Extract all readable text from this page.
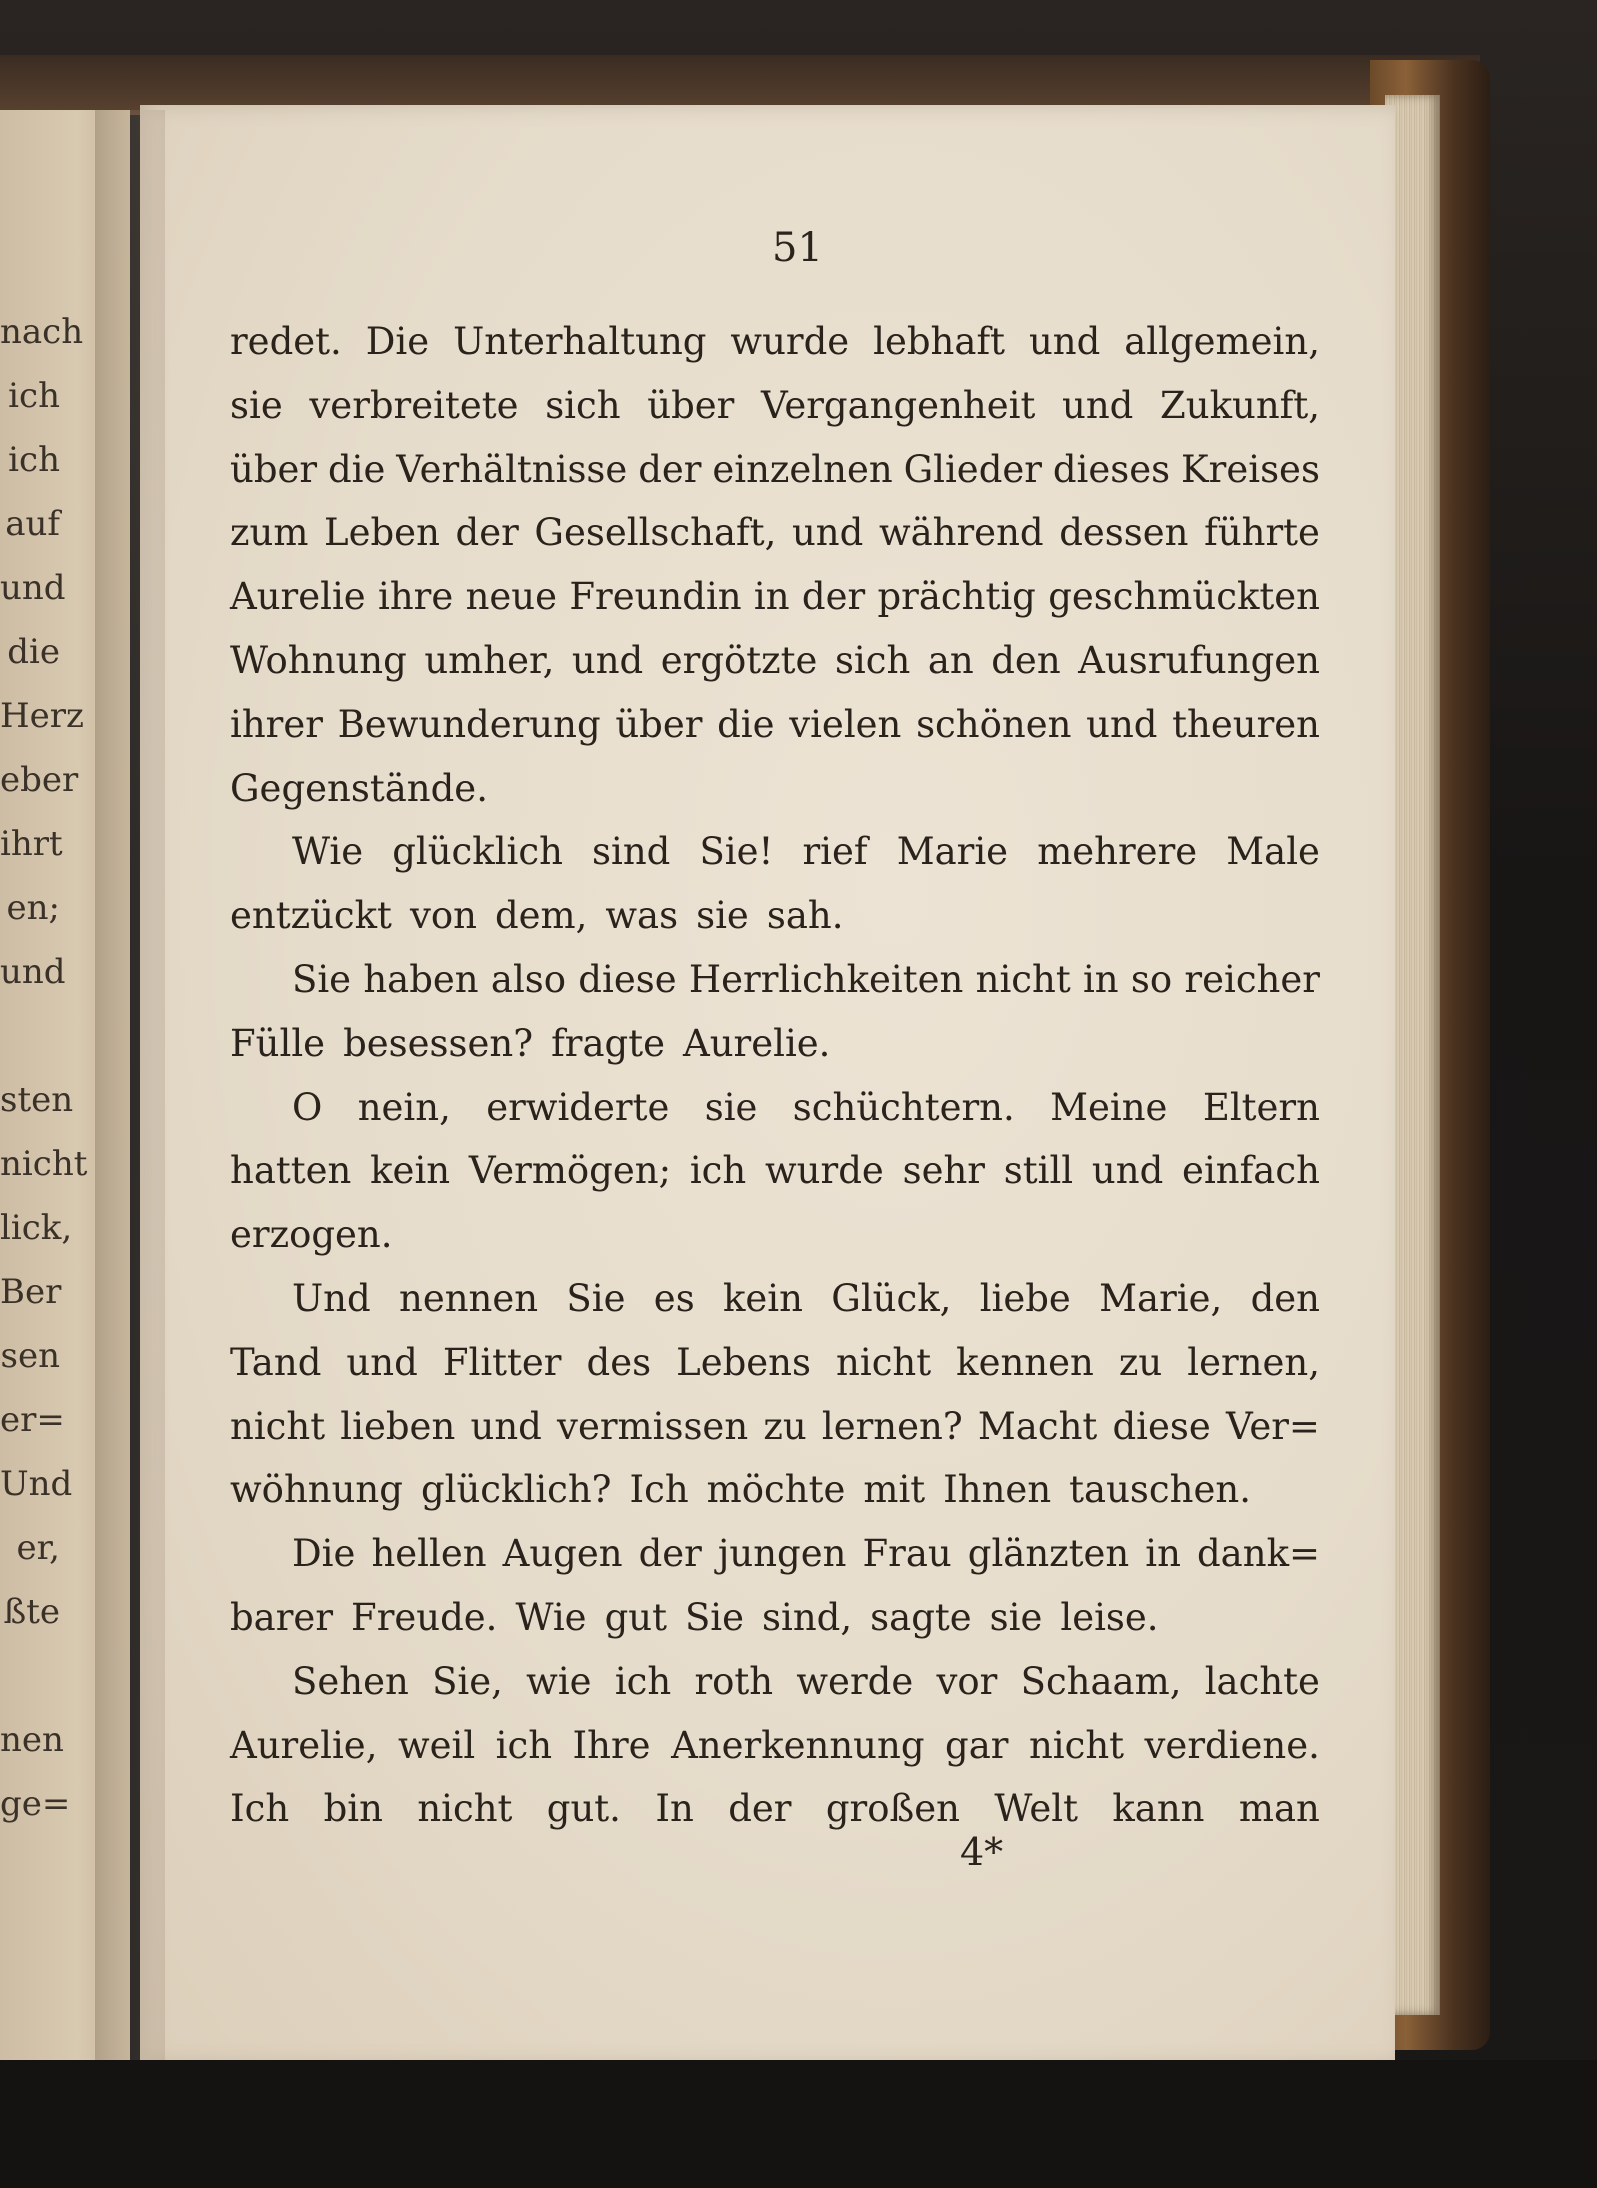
nach
ich
ich
auf
und
die
Herz
eber
ihrt
en;
und
sten
nicht
lick,
Ber
sen
er=
Und
er,
ßte
nen
ge=
51
redet. Die Unterhaltung wurde lebhaft und allgemein,
sie verbreitete sich über Vergangenheit und Zukunft,
über die Verhältnisse der einzelnen Glieder dieses Kreises
zum Leben der Gesellschaft, und während dessen führte
Aurelie ihre neue Freundin in der prächtig geschmückten
Wohnung umher, und ergötzte sich an den Ausrufungen
ihrer Bewunderung über die vielen schönen und theuren
Gegenstände.
Wie glücklich sind Sie! rief Marie mehrere Male
entzückt von dem, was sie sah.
Sie haben also diese Herrlichkeiten nicht in so reicher
Fülle besessen? fragte Aurelie.
O nein, erwiderte sie schüchtern. Meine Eltern
hatten kein Vermögen; ich wurde sehr still und einfach
erzogen.
Und nennen Sie es kein Glück, liebe Marie, den
Tand und Flitter des Lebens nicht kennen zu lernen,
nicht lieben und vermissen zu lernen? Macht diese Ver=
wöhnung glücklich? Ich möchte mit Ihnen tauschen.
Die hellen Augen der jungen Frau glänzten in dank=
barer Freude. Wie gut Sie sind, sagte sie leise.
Sehen Sie, wie ich roth werde vor Schaam, lachte
Aurelie, weil ich Ihre Anerkennung gar nicht verdiene.
Ich bin nicht gut. In der großen Welt kann man
4*
